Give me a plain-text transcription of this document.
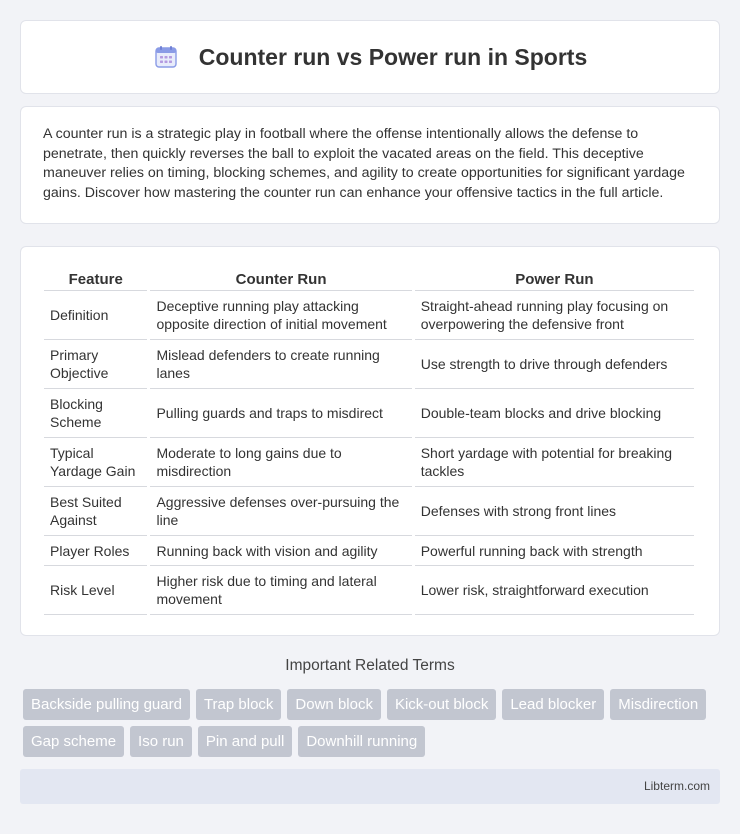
Counter run vs Power run in Sports

A counter run is a strategic play in football where the offense intentionally allows the defense to penetrate, then quickly reverses the ball to exploit the vacated areas on the field. This deceptive maneuver relies on timing, blocking schemes, and agility to create opportunities for significant yardage gains. Discover how mastering the counter run can enhance your offensive tactics in the full article.

Feature	Counter Run	Power Run
Definition	Deceptive running play attacking opposite direction of initial movement	Straight-ahead running play focusing on overpowering the defensive front
Primary Objective	Mislead defenders to create running lanes	Use strength to drive through defenders
Blocking Scheme	Pulling guards and traps to misdirect	Double-team blocks and drive blocking
Typical Yardage Gain	Moderate to long gains due to misdirection	Short yardage with potential for breaking tackles
Best Suited Against	Aggressive defenses over-pursuing the line	Defenses with strong front lines
Player Roles	Running back with vision and agility	Powerful running back with strength
Risk Level	Higher risk due to timing and lateral movement	Lower risk, straightforward execution
Important Related Terms
Backside pulling guard	Trap block	Down block	Kick-out block	Lead blocker	Misdirection
Gap scheme	Iso run	Pin and pull	Downhill running
Libterm.com
